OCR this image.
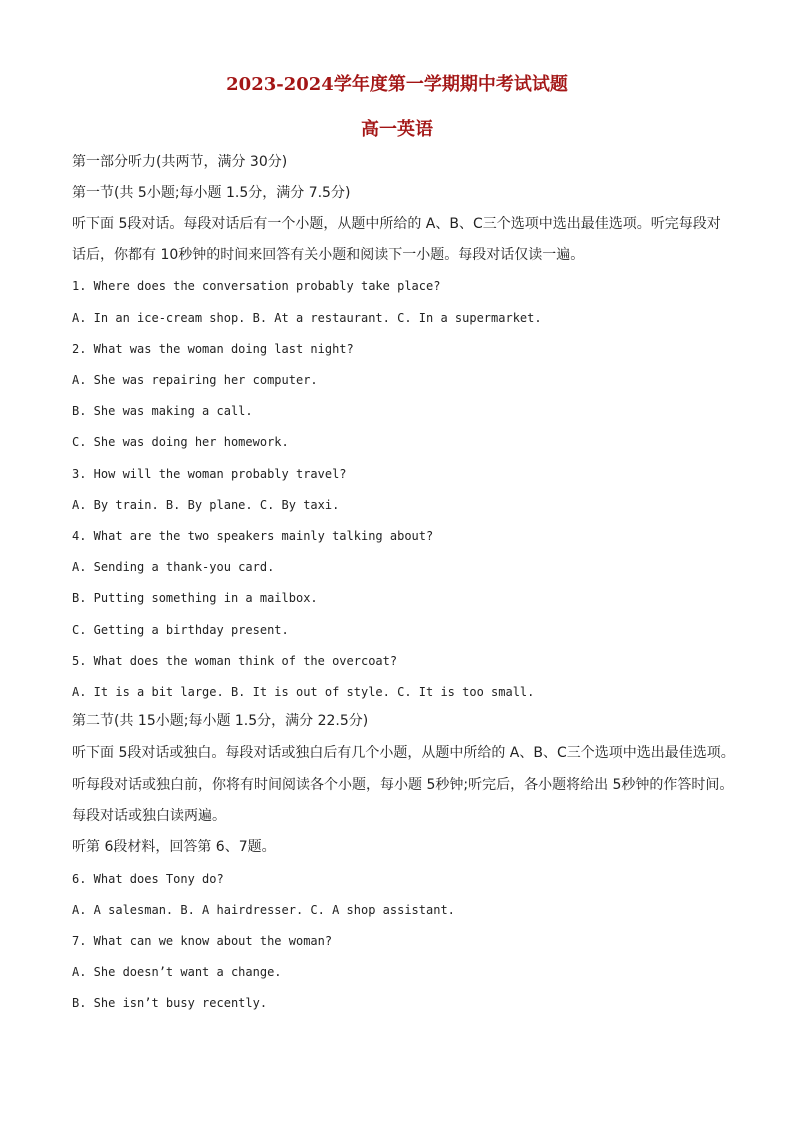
2023-2024学年度第一学期期中考试试题
高一英语
第一部分听力(共两节，满分 30分)
第一节(共 5小题;每小题 1.5分，满分 7.5分)
听下面 5段对话。每段对话后有一个小题，从题中所给的 A、B、C三个选项中选出最佳选项。听完每段对
话后，你都有 10秒钟的时间来回答有关小题和阅读下一小题。每段对话仅读一遍。
1. Where does the conversation probably take place?
A. In an ice-cream shop. B. At a restaurant. C. In a supermarket.
2. What was the woman doing last night?
A. She was repairing her computer.
B. She was making a call.
C. She was doing her homework.
3. How will the woman probably travel?
A. By train. B. By plane. C. By taxi.
4. What are the two speakers mainly talking about?
A. Sending a thank-you card.
B. Putting something in a mailbox.
C. Getting a birthday present.
5. What does the woman think of the overcoat?
A. It is a bit large. B. It is out of style. C. It is too small.
第二节(共 15小题;每小题 1.5分，满分 22.5分)
听下面 5段对话或独白。每段对话或独白后有几个小题，从题中所给的 A、B、C三个选项中选出最佳选项。
听每段对话或独白前，你将有时间阅读各个小题，每小题 5秒钟;听完后，各小题将给出 5秒钟的作答时间。
每段对话或独白读两遍。
听第 6段材料，回答第 6、7题。
6. What does Tony do?
A. A salesman. B. A hairdresser. C. A shop assistant.
7. What can we know about the woman?
A. She doesn’t want a change.
B. She isn’t busy recently.
